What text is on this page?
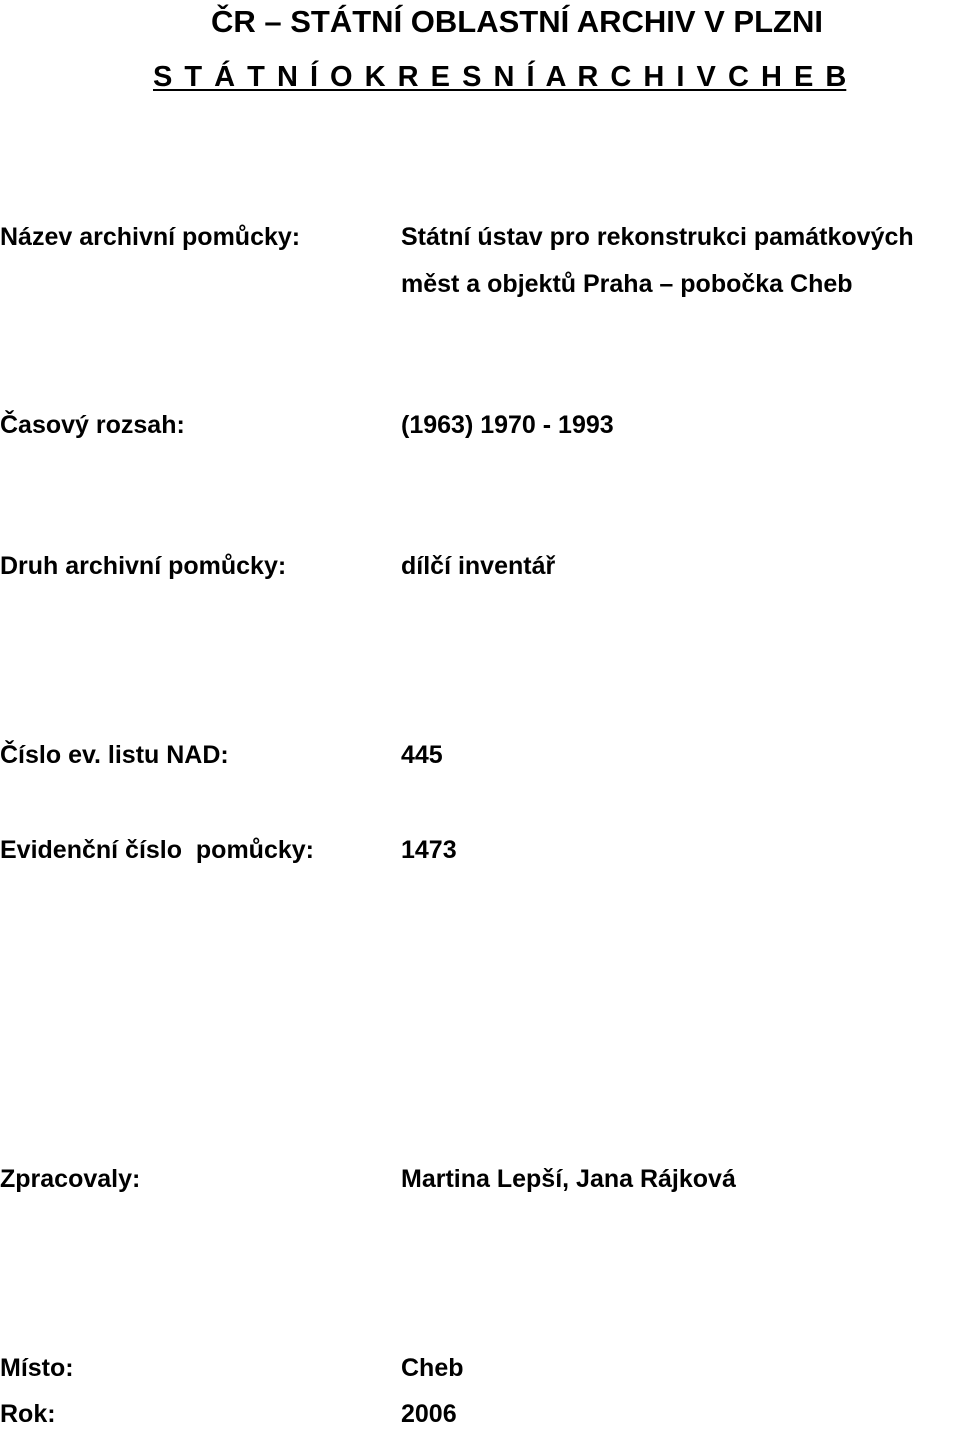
ČR – STÁTNÍ OBLASTNÍ ARCHIV V PLZNI
S T Á T N Í O K R E S N Í A R C H I V C H E B
Název archivní pomůcky:	Státní ústav pro rekonstrukci památkových
měst a objektů Praha – pobočka Cheb
Časový rozsah:	(1963) 1970 - 1993
Druh archivní pomůcky:	dílčí inventář
Číslo ev. listu NAD:	445
Evidenční číslo  pomůcky:	1473
Zpracovaly:	Martina Lepší, Jana Rájková
Místo:	Cheb
Rok:	2006
